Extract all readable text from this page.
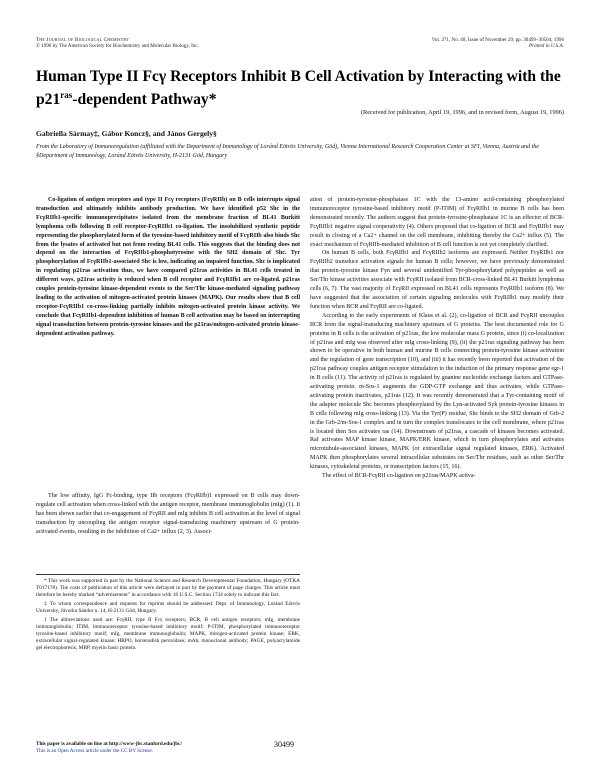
The Journal of Biological Chemistry
© 1996 by The American Society for Biochemistry and Molecular Biology, Inc.
Vol. 271, No. 48, Issue of November 29, pp. 30499–30504, 1996
Printed in U.S.A.
Human Type II Fcγ Receptors Inhibit B Cell Activation by Interacting with the $p21^{ras}$-dependent Pathway*
(Received for publication, April 19, 1996, and in revised form, August 19, 1996)
Gabriella Sármay‡, Gábor Koncz§, and János Gergely§
From the Laboratory of Immunoregulation (affiliated with the Department of Immunology of Loránd Eötvös University, Göd), Vienna International Research Cooperation Center at SFI, Vienna, Austria and the §Department of Immunology, Loránd Eötvös University, H-2131 Göd, Hungary
Co-ligation of antigen receptors and type II Fcγ receptors (FcγRIIb) on B cells interrupts signal transduction and ultimately inhibits antibody production. We have identified p52 Shc in the FcγRIIb1-specific immunoprecipitates isolated from the membrane fraction of BL41 Burkitt lymphoma cells following B cell receptor-FcγRIIb1 co-ligation. The insolubilized synthetic peptide representing the phosphorylated form of the tyrosine-based inhibitory motif of FcγRIIb also binds Shc from the lysates of activated but not from resting BL41 cells. This suggests that the binding does not depend on the interaction of FcγRIIb1-phosphotyrosine with the SH2 domain of Shc. Tyr phosphorylation of FcγRIIb1-associated Shc is low, indicating an impaired function. Shc is implicated in regulating p21ras activation thus, we have compared p21ras activities in BL41 cells treated in different ways. p21ras activity is reduced when B cell receptor and FcγRIIb1 are co-ligated. p21ras couples protein-tyrosine kinase-dependent events to the Ser/Thr kinase-mediated signaling pathway leading to the activation of mitogen-activated protein kinases (MAPK). Our results show that B cell receptor-FcγRIIb1 co-cross-linking partially inhibits mitogen-activated protein kinase activity. We conclude that FcγRIIb1-dependent inhibition of human B cell activation may be based on interrupting signal transduction between protein-tyrosine kinases and the p21ras/mitogen-activated protein kinase-dependent activation pathway.
The low affinity, IgG Fc-binding, type IIb receptors (FcγRIIb)1 expressed on B cells may down-regulate cell activation when cross-linked with the antigen receptor, membrane immunoglobulin (mIg) (1). It has been shown earlier that co-engagement of FcγRII and mIg inhibits B cell activation at the level of signal transduction by uncoupling the antigen receptor signal-transducing machinery upstream of G protein-activated events, resulting in the inhibition of Ca2+ influx (2, 3). Associ-

* This work was supported in part by the National Science and Research Developmental Foundation, Hungary (OTKA T017178). The costs of publication of this article were defrayed in part by the payment of page charges. This article must therefore be hereby marked “advertisement” in accordance with 18 U.S.C. Section 1734 solely to indicate this fact.

‡ To whom correspondence and requests for reprints should be addressed: Dept. of Immunology, Loránd Eötvös University, Jávorka Sándor u. 14, H-2131 Göd, Hungary.

1 The abbreviations used are: FcγRII, type II Fcγ receptors; BCR, B cell antigen receptors; mIg, membrane immunoglobulin; ITIM, immunoreceptor tyrosine-based inhibitory motif; P-ITIM, phosphorylated immunoreceptor tyrosine-based inhibitory motif; mIg, membrane immunoglobulin; MAPK, mitogen-activated protein kinase; ERK, extracellular signal-regulated kinase; HRPO, horseradish peroxidase; mAb, monoclonal antibody; PAGE, polyacrylamide gel electrophoresis; MBP, myelin basic protein.

ation of protein-tyrosine-phosphatase 1C with the 13-amino acid-containing phosphorylated immunoreceptor tyrosine-based inhibitory motif (P-ITIM) of FcγRIIb1 in murine B cells has been demonstrated recently. The authors suggest that protein-tyrosine-phosphatase 1C is an effector of BCR-FcγRIIb1 negative signal cooperativity (4). Others proposed that co-ligation of BCR and FcγRIIb1 may result in closing of a Ca2+ channel on the cell membrane, inhibiting thereby the Ca2+ influx (5). The exact mechanism of FcγRIIb-mediated inhibition of B cell function is not yet completely clarified.

On human B cells, both FcγRIIb1 and FcγRIIb2 isoforms are expressed. Neither FcγRIIb1 nor FcγRIIb2 transduce activation signals for human B cells; however, we have previously demonstrated that protein-tyrosine kinase Fyn and several unidentified Tyr-phosphorylated polypeptides as well as Ser/Thr kinase activities associate with FcγRII isolated from BCR-cross-linked BL41 Burkitt lymphoma cells (6, 7). The vast majority of FcγRII expressed on BL41 cells represents FcγRIIb1 isoform (8). We have suggested that the association of certain signaling molecules with FcγRIIb1 may modify their function when BCR and FcγRII are co-ligated.

According to the early experiments of Klaus et al. (2), co-ligation of BCR and FcγRII uncouples BCR from the signal-transducing machinery upstream of G proteins. The best documented role for G proteins in B cells is the activation of p21ras, the low molecular mass G protein, since (i) co-localization of p21ras and mIg was observed after mIg cross-linking (9), (ii) the p21ras signaling pathway has been shown to be operative in both human and murine B cells connecting protein-tyrosine kinase activation and the regulation of gene transcription (10), and (iii) it has recently been reported that activation of the p21ras pathway couples antigen receptor stimulation to the induction of the primary response gene egr-1 in B cells (11). The activity of p21ras is regulated by guanine nucleotide exchange factors and GTPase-activating protein. m-Sos-1 augments the GDP-GTP exchange and thus activates, while GTPase-activating protein inactivates, p21ras (12). It was recently demonstrated that a Tyr-containing motif of the adapter molecule Shc becomes phosphorylated by the Lyn-activated Syk protein-tyrosine kinases in B cells following mIg cross-linking (13). Via the Tyr(P) residue, Shc binds to the SH2 domain of Grb-2 in the Grb-2/m-Sos-1 complex and in turn the complex translocates to the cell membrane, where p21ras is located then Sos activates ras (14). Downstream of p21ras, a cascade of kinases becomes activated. Raf activates MAP kinase kinase, MAPK/ERK kinase, which in turn phosphorylates and activates microtubule-associated kinases, MAPK (or extracellular signal regulated kinases, ERK). Activated MAPK then phosphorylates several intracellular substrates on Ser/Thr residues, such as other Ser/Thr kinases, cytoskeletal proteins, or transcription factors (15, 16).

The effect of BCR-FcγRII co-ligation on p21ras/MAPK activa-

This paper is available on line at http://www-jbc.stanford.edu/jbc/
This is an Open Access article under the CC BY license.
30499
